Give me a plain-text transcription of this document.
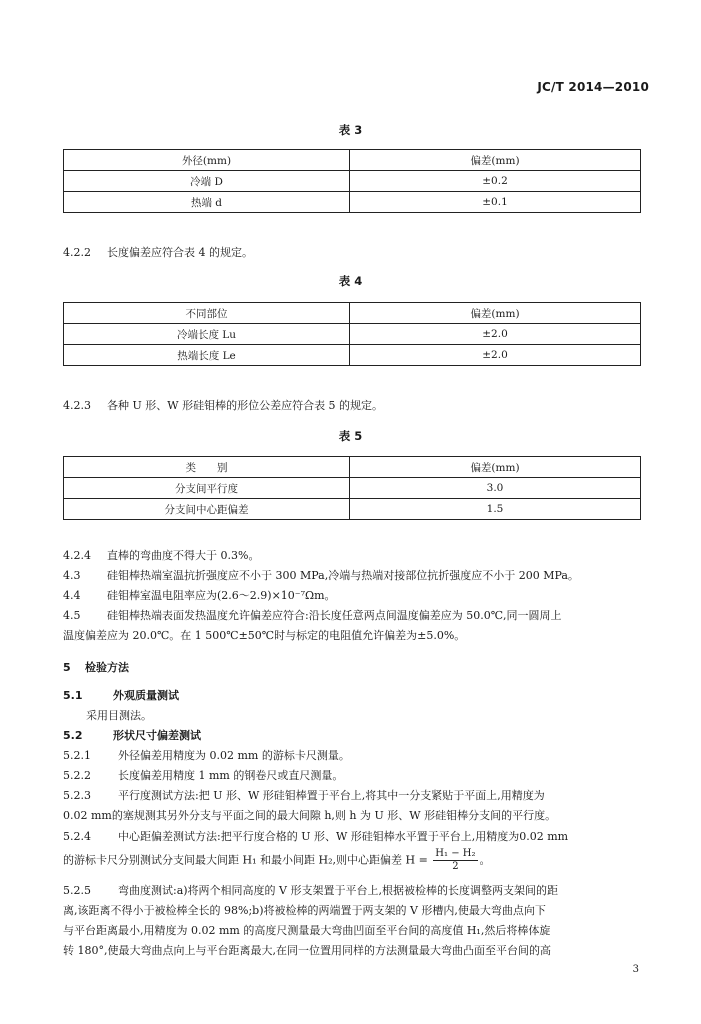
JC/T 2014—2010
表 3
外径(mm)	偏差(mm)
冷端 D	±0.2
热端 d	±0.1
4.2.2 长度偏差应符合表 4 的规定。
表 4
不同部位	偏差(mm)
冷端长度 Lu	±2.0
热端长度 Le	±2.0
4.2.3 各种 U 形、W 形硅钼棒的形位公差应符合表 5 的规定。
表 5
类　　别	偏差(mm)
分支间平行度	3.0
分支间中心距偏差	1.5
4.2.4 直棒的弯曲度不得大于 0.3%。
4.3 硅钼棒热端室温抗折强度应不小于 300 MPa,冷端与热端对接部位抗折强度应不小于 200 MPa。
4.4 硅钼棒室温电阻率应为(2.6～2.9)×10⁻⁷Ωm。
4.5 硅钼棒热端表面发热温度允许偏差应符合:沿长度任意两点间温度偏差应为 50.0℃,同一圆周上
温度偏差应为 20.0℃。在 1 500℃±50℃时与标定的电阻值允许偏差为±5.0%。
5 检验方法
5.1	外观质量测试
采用目测法。
5.2	形状尺寸偏差测试
5.2.1 外径偏差用精度为 0.02 mm 的游标卡尺测量。
5.2.2 长度偏差用精度 1 mm 的钢卷尺或直尺测量。
5.2.3 平行度测试方法:把 U 形、W 形硅钼棒置于平台上,将其中一分支紧贴于平面上,用精度为
0.02 mm的塞规测其另外分支与平面之间的最大间隙 h,则 h 为 U 形、W 形硅钼棒分支间的平行度。
5.2.4 中心距偏差测试方法:把平行度合格的 U 形、W 形硅钼棒水平置于平台上,用精度为0.02 mm
的游标卡尺分别测试分支间最大间距 H₁ 和最小间距 H₂,则中心距偏差 $H = \frac{\text{H₁ − H₂}}{2}$ 。
5.2.5 弯曲度测试:a)将两个相同高度的 V 形支架置于平台上,根据被检棒的长度调整两支架间的距
离,该距离不得小于被检棒全长的 98%;b)将被检棒的两端置于两支架的 V 形槽内,使最大弯曲点向下
与平台距离最小,用精度为 0.02 mm 的高度尺测量最大弯曲凹面至平台间的高度值 H₁,然后将棒体旋
转 180°,使最大弯曲点向上与平台距离最大,在同一位置用同样的方法测量最大弯曲凸面至平台间的高
3
